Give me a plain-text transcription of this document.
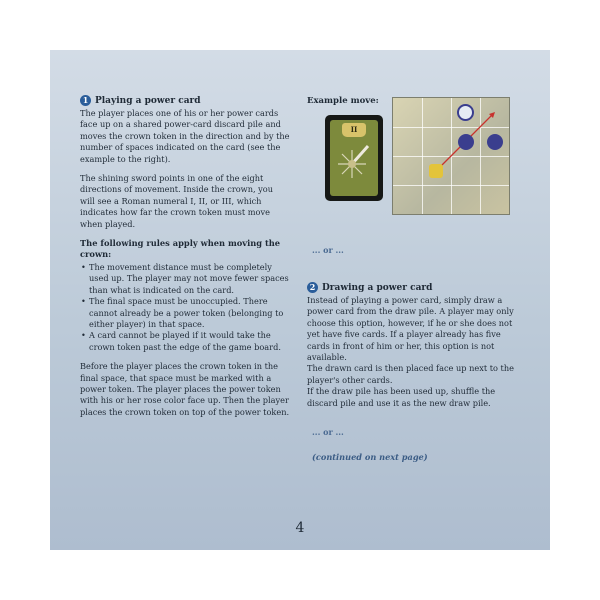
1 Playing a power card

The player places one of his or her power cards face up on a shared power-card discard pile and moves the crown token in the direction and by the number of spaces indicated on the card (see the example to the right).

The shining sword points in one of the eight directions of movement. Inside the crown, you will see a Roman numeral I, II, or III, which indicates how far the crown token must move when played.

The following rules apply when moving the crown:
• The movement distance must be completely used up. The player may not move fewer spaces than what is indicated on the card.
• The final space must be unoccupied. There cannot already be a power token (belonging to either player) in that space.
• A card cannot be played if it would take the crown token past the edge of the game board.

Before the player places the crown token in the final space, that space must be marked with a power token. The player places the power token with his or her rose color face up. Then the player places the crown token on top of the power token.

Example move:
II
... or ...
2 Drawing a power card

Instead of playing a power card, simply draw a power card from the draw pile. A player may only choose this option, however, if he or she does not yet have five cards. If a player already has five cards in front of him or her, this option is not available.

The drawn card is then placed face up next to the player's other cards.

If the draw pile has been used up, shuffle the discard pile and use it as the new draw pile.

... or ...
(continued on next page)
4
